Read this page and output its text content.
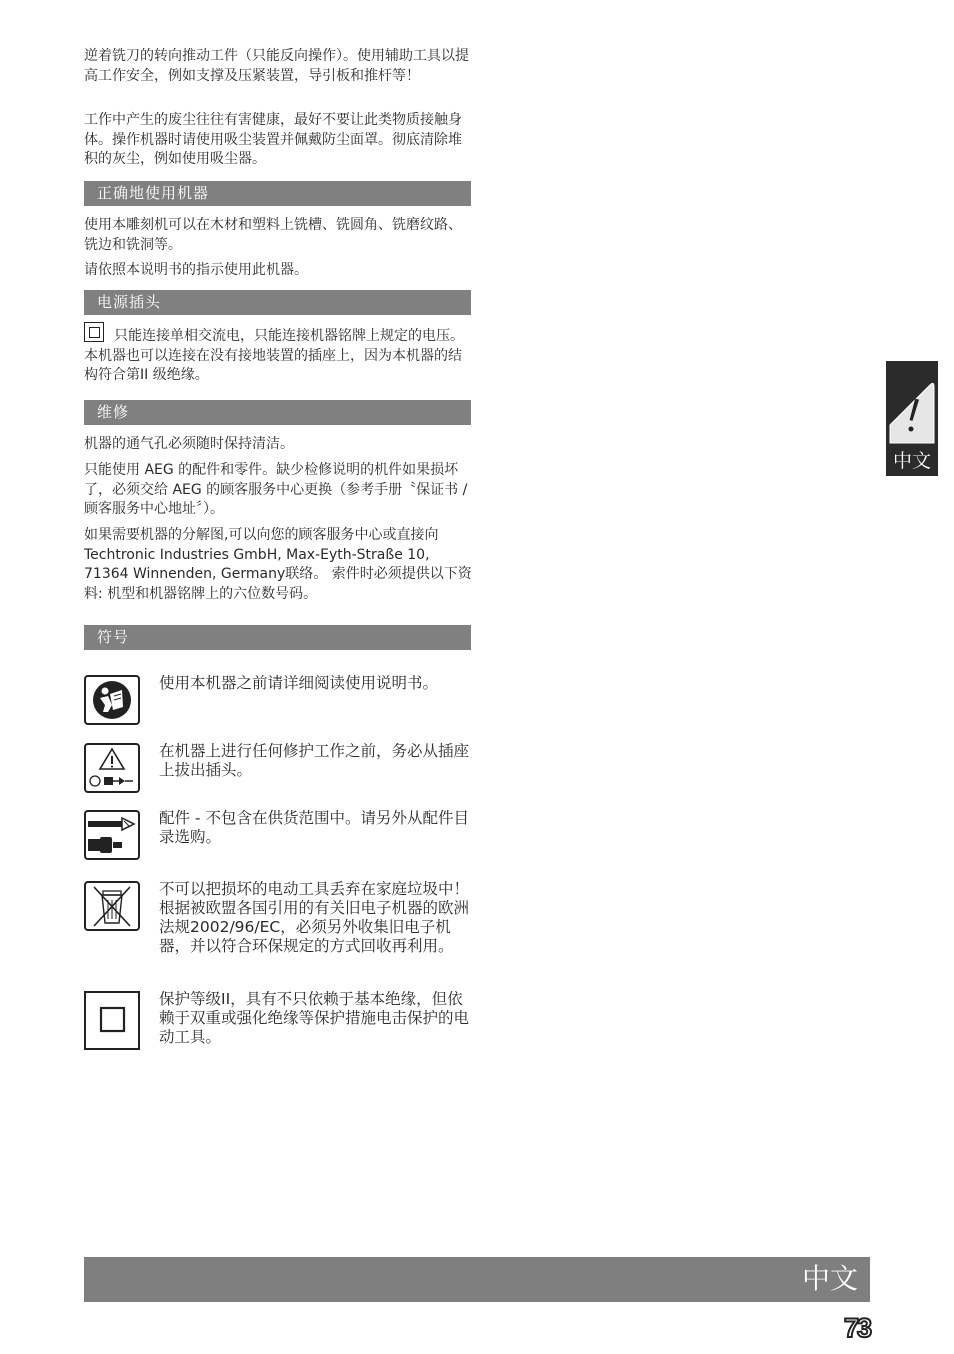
逆着铣刀的转向推动工件（只能反向操作）。使用辅助工具以提高工作安全，例如支撑及压紧装置，导引板和推杆等！

工作中产生的废尘往往有害健康，最好不要让此类物质接触身体。操作机器时请使用吸尘装置并佩戴防尘面罩。彻底清除堆积的灰尘，例如使用吸尘器。

正确地使用机器

使用本雕刻机可以在木材和塑料上铣槽、铣圆角、铣磨纹路、铣边和铣洞等。

请依照本说明书的指示使用此机器。

电源插头
只能连接单相交流电，只能连接机器铭牌上规定的电压。本机器也可以连接在没有接地装置的插座上，因为本机器的结构符合第II 级绝缘。
维修

机器的通气孔必须随时保持清洁。

只能使用 AEG 的配件和零件。缺少检修说明的机件如果损坏了，必须交给 AEG 的顾客服务中心更换（参考手册〝保证书 / 顾客服务中心地址〞）。

如果需要机器的分解图,可以向您的顾客服务中心或直接向 Techtronic Industries GmbH, Max-Eyth-Straße 10, 71364 Winnenden, Germany联络。 索件时必须提供以下资料: 机型和机器铭牌上的六位数号码。

符号
使用本机器之前请详细阅读使用说明书。
在机器上进行任何修护工作之前，务必从插座上拔出插头。
配件 - 不包含在供货范围中。请另外从配件目录选购。
不可以把损坏的电动工具丢弃在家庭垃圾中！根据被欧盟各国引用的有关旧电子机器的欧洲法规2002/96/EC，必须另外收集旧电子机器，并以符合环保规定的方式回收再利用。
保护等级II，具有不只依赖于基本绝缘，但依赖于双重或强化绝缘等保护措施电击保护的电动工具。
中文
中文
73
